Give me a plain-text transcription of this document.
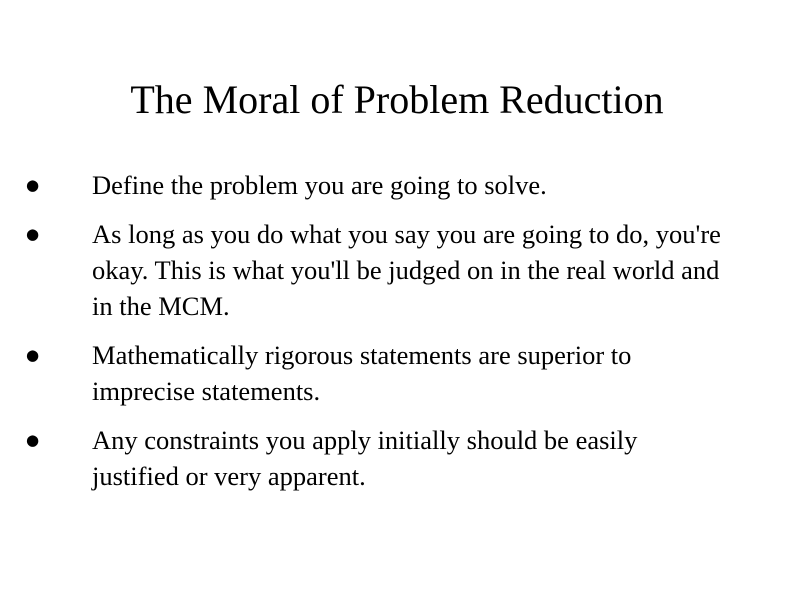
The Moral of Problem Reduction
● Define the problem you are going to solve.
● As long as you do what you say you are going to do, you're okay. This is what you'll be judged on in the real world and in the MCM.
● Mathematically rigorous statements are superior to imprecise statements.
● Any constraints you apply initially should be easily justified or very apparent.
